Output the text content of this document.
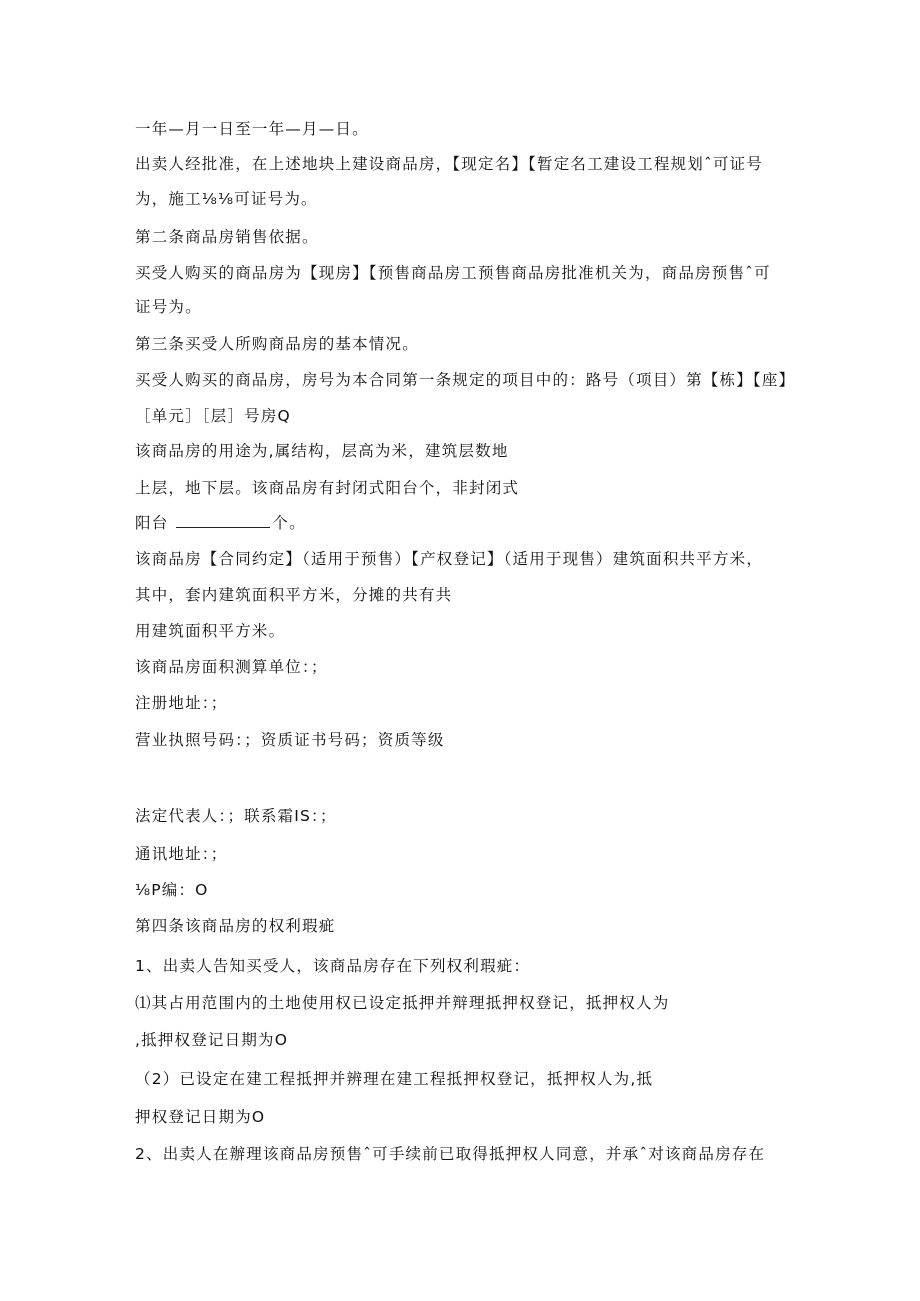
一年—月一日至一年—月—日。
出卖人经批准，在上述地块上建设商品房，【现定名】【暂定名工建设工程规划ˆ可证号
为，施工⅛⅛可证号为。
第二条商品房销售依据。
买受人购买的商品房为【现房】【预售商品房工预售商品房批准机关为，商品房预售ˆ可
证号为。
第三条买受人所购商品房的基本情况。
买受人购买的商品房，房号为本合同第一条规定的项目中的：路号（项目）第【栋】【座】
［单元］［层］号房Q
该商品房的用途为,属结构，层高为米，建筑层数地
上层，地下层。该商品房有封闭式阳台个，非封闭式
阳台	个。
该商品房【合同约定】（适用于预售）【产权登记】（适用于现售）建筑面积共平方米，
其中，套内建筑面积平方米，分摊的共有共
用建筑面积平方米。
该商品房面积测算单位：；
注册地址：；
营业执照号码：；资质证书号码；资质等级
法定代表人：；联系霜IS：；
通讯地址：；
⅛P编：O
第四条该商品房的权利瑕疵
1、出卖人告知买受人，该商品房存在下列权利瑕疵：
⑴其占用范围内的土地使用权已设定抵押并辩理抵押权登记，抵押权人为
,抵押权登记日期为O
（2）已设定在建工程抵押并辨理在建工程抵押权登记，抵押权人为,抵
押权登记日期为O
2、出卖人在辦理该商品房预售ˆ可手续前已取得抵押权人同意，并承ˆ对该商品房存在
